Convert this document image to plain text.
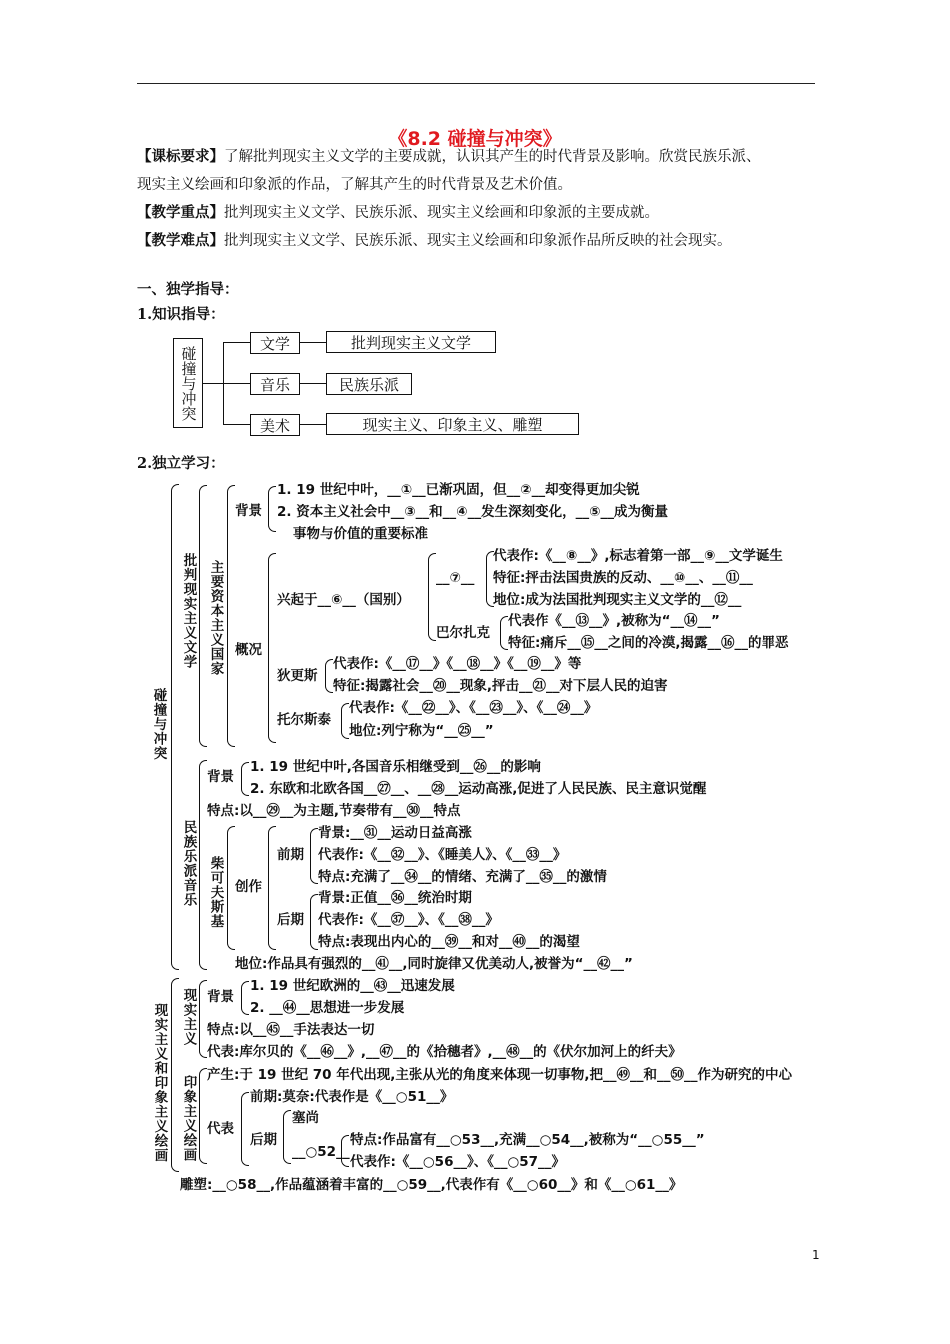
《8.2 碰撞与冲突》
【课标要求】了解批判现实主义文学的主要成就，认识其产生的时代背景及影响。欣赏民族乐派、
现实主义绘画和印象派的作品，了解其产生的时代背景及艺术价值。
【教学重点】批判现实主义文学、民族乐派、现实主义绘画和印象派的主要成就。
【教学难点】批判现实主义文学、民族乐派、现实主义绘画和印象派作品所反映的社会现实。
一、独学指导：
1.知识指导：
碰撞与冲突
文学	批判现实主义文学
音乐	民族乐派
美术	现实主义、印象主义、雕塑
2.独立学习：
碰撞与冲突
批判现实主义文学 主要资本主义国家
背景
1. 19 世纪中叶，__①__已渐巩固，但__②__却变得更加尖锐
2. 资本主义社会中__③__和__④__发生深刻变化，__⑤__成为衡量
事物与价值的重要标准
概况
兴起于__⑥__（国别）
__⑦__
代表作:《__⑧__》,标志着第一部__⑨__文学诞生
特征:抨击法国贵族的反动、__⑩__、__⑪__
地位:成为法国批判现实主义文学的__⑫__
巴尔扎克
代表作《__⑬__》,被称为“__⑭__”
特征:痛斥__⑮__之间的冷漠,揭露__⑯__的罪恶
狄更斯
代表作:《__⑰__》《__⑱__》《__⑲__》等
特征:揭露社会__⑳__现象,抨击__㉑__对下层人民的迫害
托尔斯泰
代表作:《__㉒__》、《__㉓__》、《__㉔__》
地位:列宁称为“__㉕__”
民族乐派音乐
背景
1. 19 世纪中叶,各国音乐相继受到__㉖__的影响
2. 东欧和北欧各国__㉗__、__㉘__运动高涨,促进了人民民族、民主意识觉醒
特点:以__㉙__为主题,节奏带有__㉚__特点
柴可夫斯基 创作
前期
背景:__㉛__运动日益高涨
代表作:《__㉜__》、《睡美人》、《__㉝__》
特点:充满了__㉞__的情绪、充满了__㉟__的激情
后期
背景:正值__㊱__统治时期
代表作:《__㊲__》、《__㊳__》
特点:表现出内心的__㊴__和对__㊵__的渴望
地位:作品具有强烈的__㊶__,同时旋律又优美动人,被誉为“__㊷__”
现实主义和印象主义绘画 现实主义 背景
1. 19 世纪欧洲的__㊸__迅速发展
2. __㊹__思想进一步发展
特点:以__㊺__手法表达一切
代表:库尔贝的《__㊻__》,__㊼__的《拾穗者》,__㊽__的《伏尔加河上的纤夫》
印象主义绘画 产生:于 19 世纪 70 年代出现,主张从光的角度来体现一切事物,把__㊾__和__㊿__作为研究的中心
代表
前期:莫奈:代表作是《__○51__》
后期
塞尚
__○52__
特点:作品富有__○53__,充满__○54__,被称为“__○55__”
代表作:《__○56__》、《__○57__》
雕塑:__○58__,作品蕴涵着丰富的__○59__,代表作有《__○60__》和《__○61__》
1
